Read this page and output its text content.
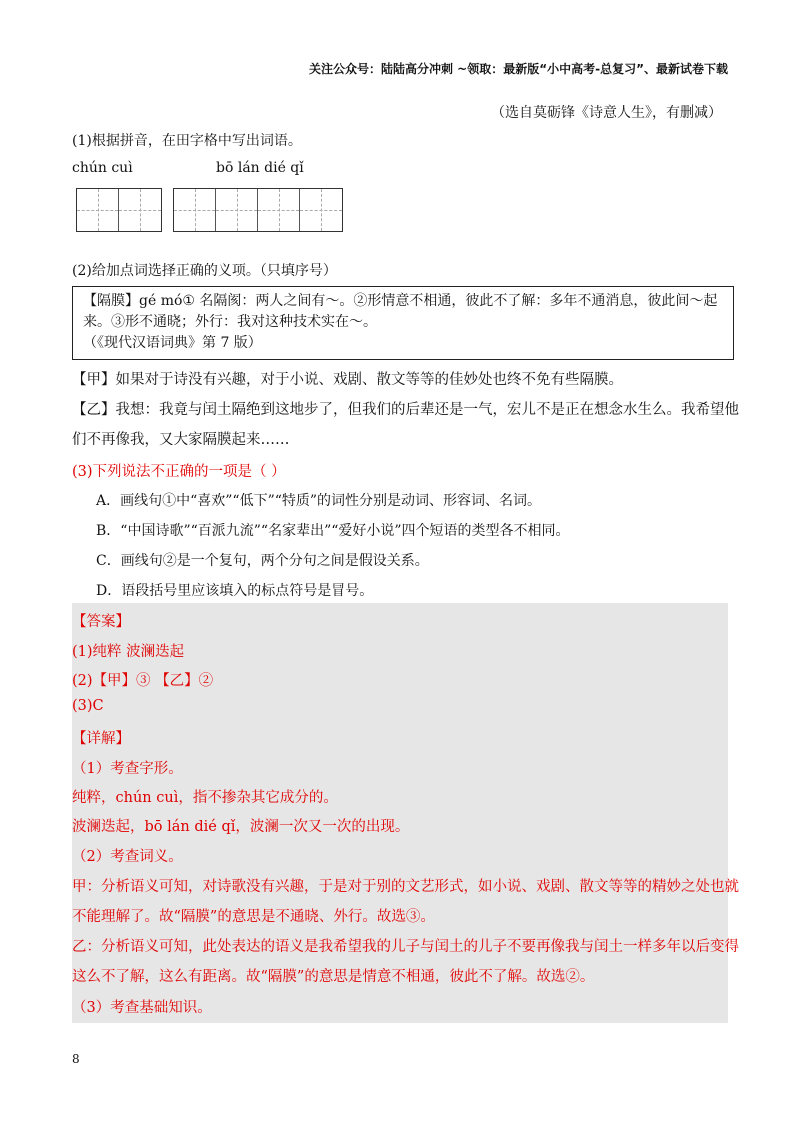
关注公众号：陆陆高分冲刺 ~领取：最新版“小中高考-总复习”、最新试卷下载
（选自莫砺锋《诗意人生》，有删减）
(1)根据拼音，在田字格中写出词语。
chún cuì	bō lán dié qǐ
(2)给加点词选择正确的义项。（只填序号）
【隔膜】gé mó① 名隔阂：两人之间有～。②形情意不相通，彼此不了解：多年不通消息，彼此间～起
来。③形不通晓；外行：我对这种技术实在～。
（《现代汉语词典》第 7 版）
【甲】如果对于诗没有兴趣，对于小说、戏剧、散文等等的佳妙处也终不免有些隔膜。
【乙】我想：我竟与闰土隔绝到这地步了，但我们的后辈还是一气，宏儿不是正在想念水生么。我希望他
们不再像我，又大家隔膜起来……
(3)下列说法不正确的一项是（ ）
A．画线句①中“喜欢”“低下”“特质”的词性分别是动词、形容词、名词。
B．“中国诗歌”“百派九流”“名家辈出”“爱好小说”四个短语的类型各不相同。
C．画线句②是一个复句，两个分句之间是假设关系。
D．语段括号里应该填入的标点符号是冒号。
【答案】
(1)纯粹 波澜迭起
(2)【甲】③ 【乙】②
(3)C
【详解】
（1）考查字形。
纯粹，chún cuì，指不掺杂其它成分的。
波澜迭起，bō lán dié qǐ，波澜一次又一次的出现。
（2）考查词义。
甲：分析语义可知，对诗歌没有兴趣，于是对于别的文艺形式，如小说、戏剧、散文等等的精妙之处也就
不能理解了。故“隔膜”的意思是不通晓、外行。故选③。
乙：分析语义可知，此处表达的语义是我希望我的儿子与闰土的儿子不要再像我与闰土一样多年以后变得
这么不了解，这么有距离。故“隔膜”的意思是情意不相通，彼此不了解。故选②。
（3）考查基础知识。
8
